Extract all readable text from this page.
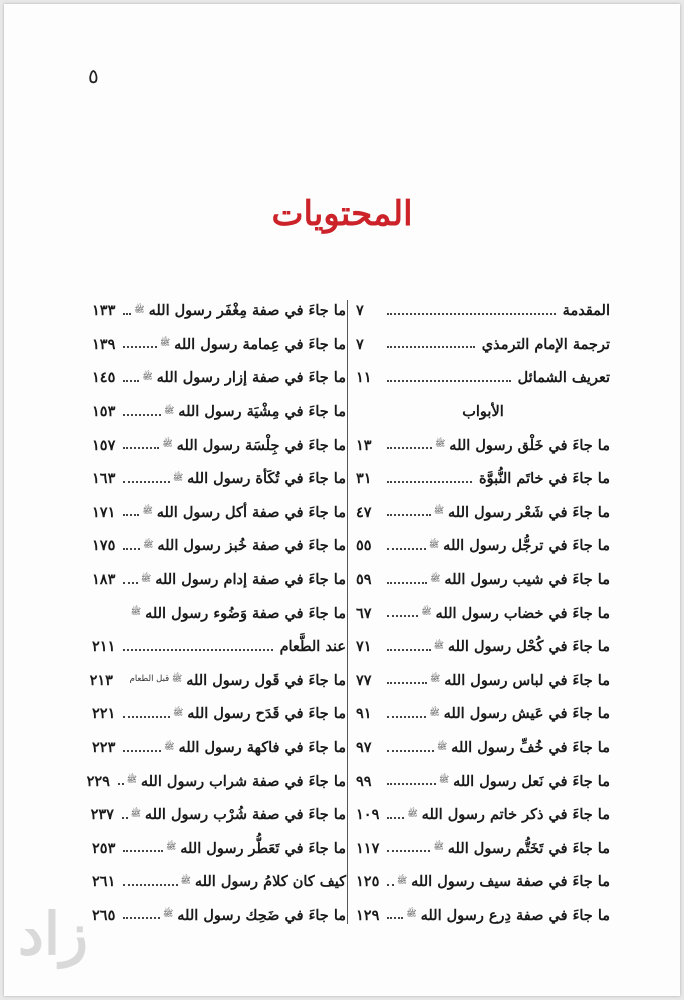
٥
المحتويات
المقدمة
٧
ترجمة الإمام الترمذي
٧
تعريف الشمائل
١١
الأبواب
ما جاءَ في خَلْق رسول الله
ﷺ
١٣
ما جاءَ في خاتَم النُّبوَّة
٣١
ما جاءَ في شَعْر رسول الله
ﷺ
٤٧
ما جاءَ في ترجُّل رسول الله
ﷺ
٥٥
ما جاءَ في شيب رسول الله
ﷺ
٥٩
ما جاءَ في خضاب رسول الله
ﷺ
٦٧
ما جاءَ في كُحْل رسول الله
ﷺ
٧١
ما جاءَ في لباس رسول الله
ﷺ
٧٧
ما جاءَ في عَيش رسول الله
ﷺ
٩١
ما جاءَ في خُفِّ رسول الله
ﷺ
٩٧
ما جاءَ في نَعل رسول الله
ﷺ
٩٩
ما جاءَ في ذكر خاتم رسول الله
ﷺ
١٠٩
ما جاءَ في تَخَتُّم رسول الله
ﷺ
١١٧
ما جاءَ في صفة سيف رسول الله
ﷺ
١٢٥
ما جاءَ في صفة دِرع رسول الله
ﷺ
١٢٩
ما جاءَ في صفة مِغْفَر رسول الله
ﷺ
١٣٣
ما جاءَ في عِمامة رسول الله
ﷺ
١٣٩
ما جاءَ في صفة إزار رسول الله
ﷺ
١٤٥
ما جاءَ في مِشْيَة رسول الله
ﷺ
١٥٣
ما جاءَ في جِلْسَة رسول الله
ﷺ
١٥٧
ما جاءَ في تُكَأة رسول الله
ﷺ
١٦٣
ما جاءَ في صفة أكل رسول الله
ﷺ
١٧١
ما جاءَ في صفة خُبز رسول الله
ﷺ
١٧٥
ما جاءَ في صفة إدام رسول الله
ﷺ
١٨٣
ما جاءَ في صفة وَضُوء رسول الله
ﷺ
عند الطَّعام
٢١١
ما جاءَ في قَول رسول الله
ﷺ قبل الطعام
٢١٣
ما جاءَ في قَدَح رسول الله
ﷺ
٢٢١
ما جاءَ في فاكهة رسول الله
ﷺ
٢٢٣
ما جاءَ في صفة شراب رسول الله
ﷺ
٢٢٩
ما جاءَ في صفة شُرْب رسول الله
ﷺ
٢٣٧
ما جاءَ في تَعَطُّر رسول الله
ﷺ
٢٥٣
كيف كان كلامُ رسول الله
ﷺ
٢٦١
ما جاءَ في ضَحِك رسول الله
ﷺ
٢٦٥
زاد
